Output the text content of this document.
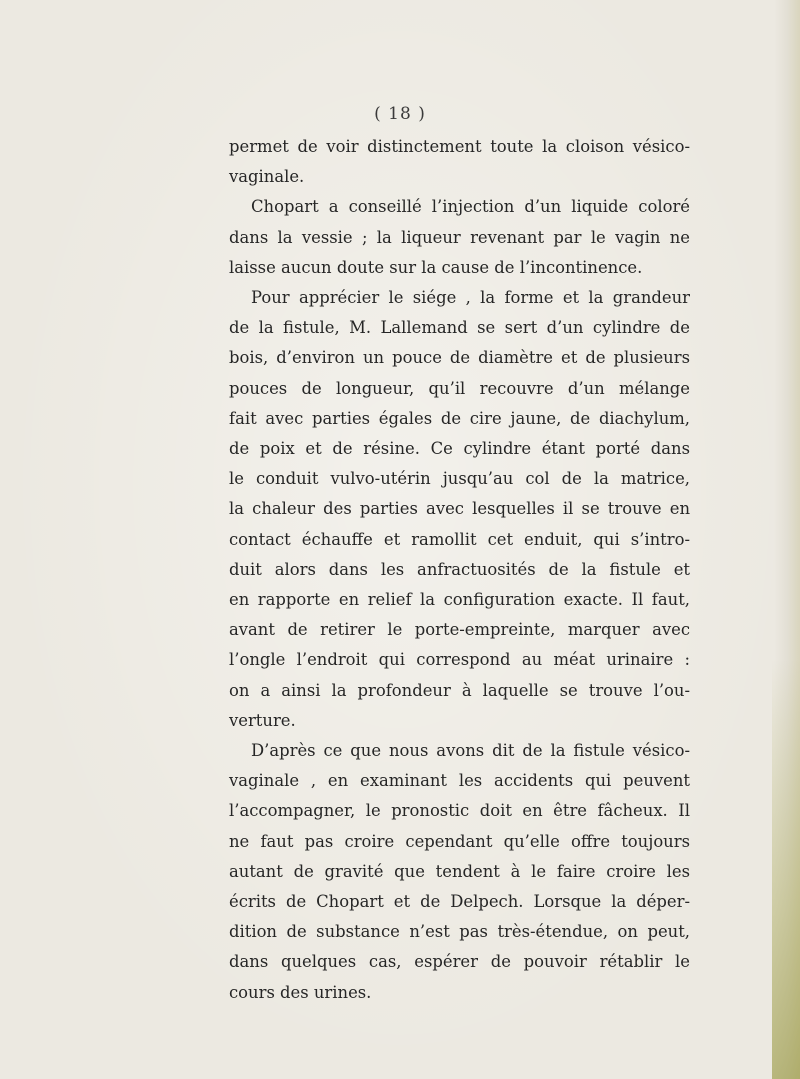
( 18 )
permet de voir distinctement toute la cloison vésico-
vaginale.
Chopart a conseillé l’injection d’un liquide coloré
dans la vessie ; la liqueur revenant par le vagin ne
laisse aucun doute sur la cause de l’incontinence.
Pour apprécier le siége , la forme et la grandeur
de la fistule, M. Lallemand se sert d’un cylindre de
bois, d’environ un pouce de diamètre et de plusieurs
pouces de longueur, qu’il recouvre d’un mélange
fait avec parties égales de cire jaune, de diachylum,
de poix et de résine. Ce cylindre étant porté dans
le conduit vulvo-utérin jusqu’au col de la matrice,
la chaleur des parties avec lesquelles il se trouve en
contact échauffe et ramollit cet enduit, qui s’intro-
duit alors dans les anfractuosités de la fistule et
en rapporte en relief la configuration exacte. Il faut,
avant de retirer le porte-empreinte, marquer avec
l’ongle l’endroit qui correspond au méat urinaire :
on a ainsi la profondeur à laquelle se trouve l’ou-
verture.
D’après ce que nous avons dit de la fistule vésico-
vaginale , en examinant les accidents qui peuvent
l’accompagner, le pronostic doit en être fâcheux. Il
ne faut pas croire cependant qu’elle offre toujours
autant de gravité que tendent à le faire croire les
écrits de Chopart et de Delpech. Lorsque la déper-
dition de substance n’est pas très-étendue, on peut,
dans quelques cas, espérer de pouvoir rétablir le
cours des urines.
